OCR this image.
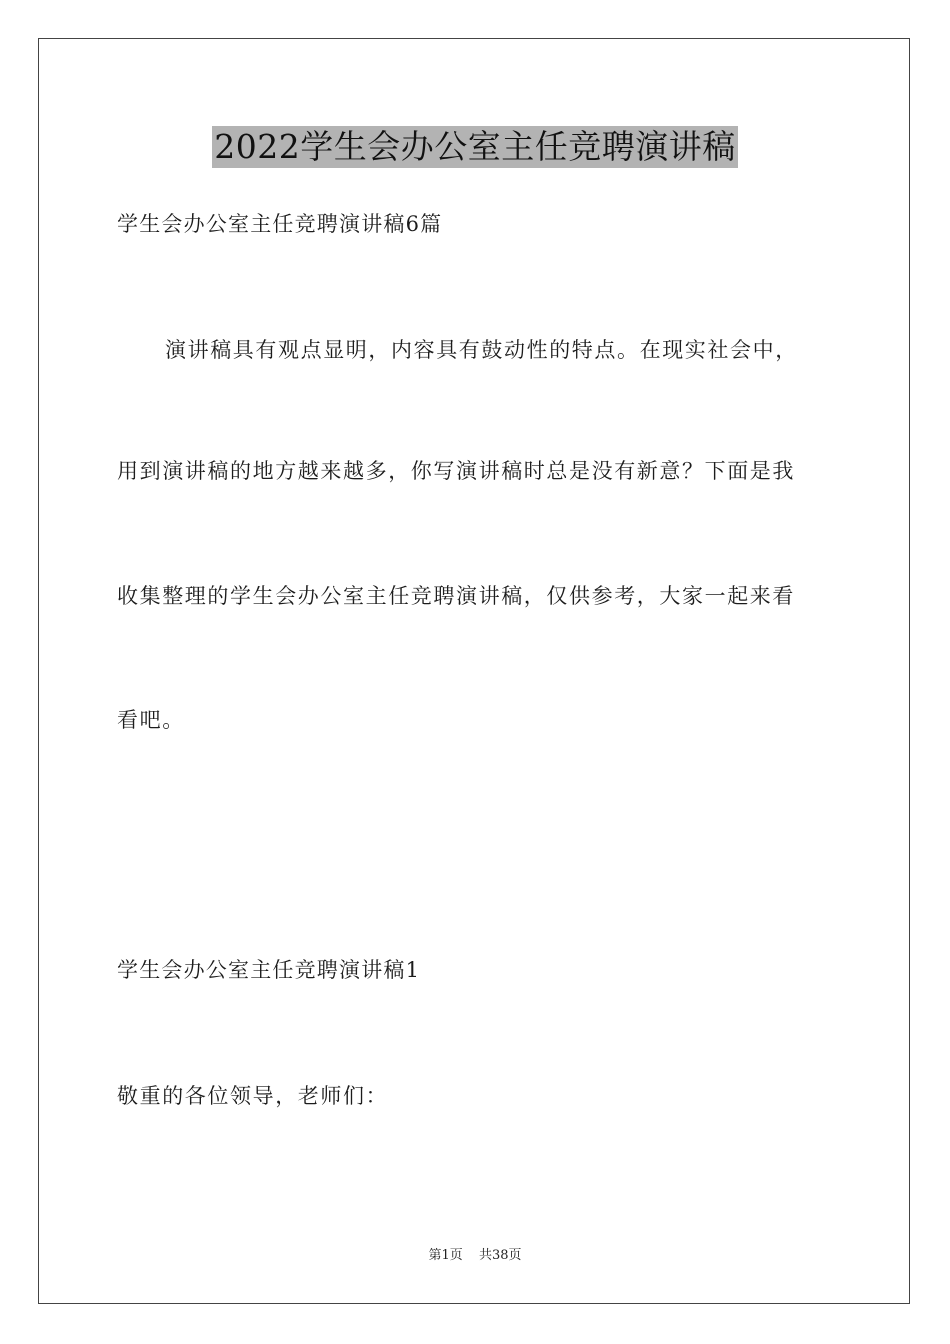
2022学生会办公室主任竞聘演讲稿
学生会办公室主任竞聘演讲稿6篇
演讲稿具有观点显明，内容具有鼓动性的特点。在现实社会中，
用到演讲稿的地方越来越多，你写演讲稿时总是没有新意？下面是我
收集整理的学生会办公室主任竞聘演讲稿，仅供参考，大家一起来看
看吧。
学生会办公室主任竞聘演讲稿1
敬重的各位领导，老师们：
第1页 共38页
